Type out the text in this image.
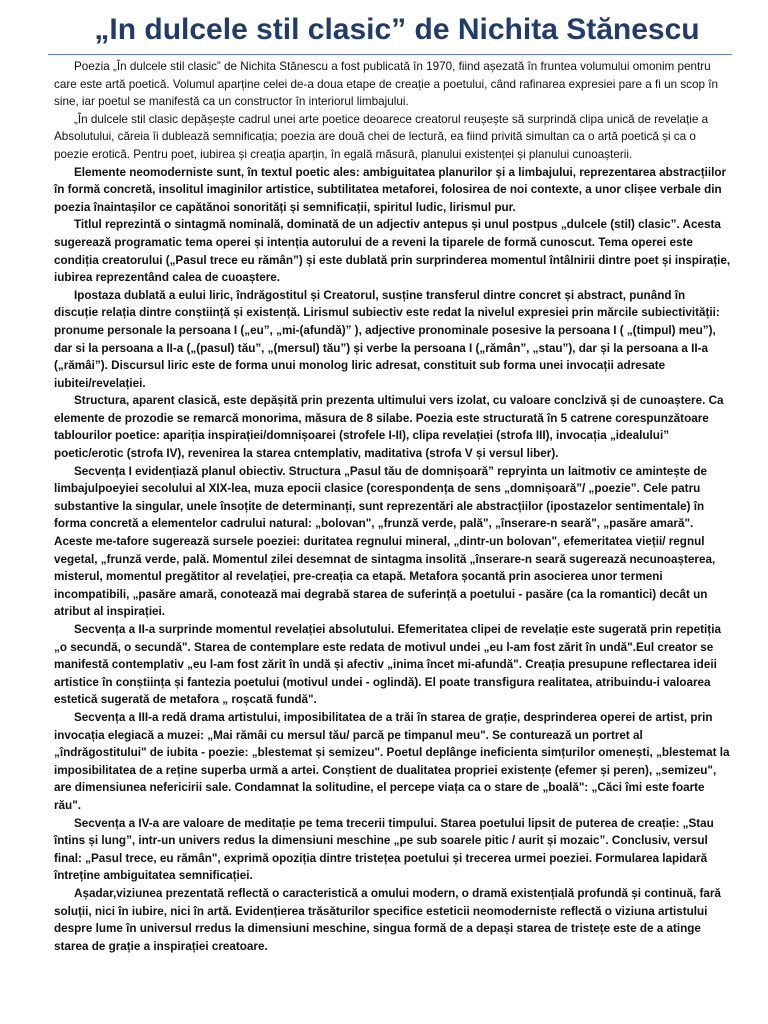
„In dulcele stil clasic” de Nichita Stănescu

Poezia „În dulcele stil clasic” de Nichita Stănescu a fost publicată în 1970, fiind așezată în fruntea volumului omonim pentru care este artă poetică. Volumul aparține celei de-a doua etape de creație a poetului, când rafinarea expresiei pare a fi un scop în sine, iar poetul se manifestă ca un constructor în interiorul limbajului.

„În dulcele stil clasic depășește cadrul unei arte poetice deoarece creatorul reușește să surprindă clipa unică de revelație a Absolutului, căreia îi dublează semnificația; poezia are două chei de lectură, ea fiind privită simultan ca o artă poetică și ca o poezie erotică. Pentru poet, iubirea și creația aparțin, în egală măsură, planului existenței și planului cunoașterii.

Elemente neomoderniste sunt, în textul poetic ales: ambiguitatea planurilor și a limbajului, reprezentarea abstracțiilor în formă concretă, insolitul imaginilor artistice, subtilitatea metaforei, folosirea de noi contexte, a unor clișee verbale din poezia înaintașilor ce capătănoi sonorități și semnificații, spiritul ludic, lirismul pur.

Titlul reprezintă o sintagmă nominală, dominată de un adjectiv antepus și unul postpus „dulcele (stil) clasic”. Acesta sugerează programatic tema operei și intenția autorului de a reveni la tiparele de formă cunoscut. Tema operei este condiția creatorului („Pasul trece eu rămân”) și este dublată prin surprinderea momentul întâlnirii dintre poet și inspirație, iubirea reprezentând calea de cuoaștere.

Ipostaza dublată a eului liric, îndrăgostitul și Creatorul, susține transferul dintre concret și abstract, punând în discuție relația dintre conștiință și existență. Lirismul subiectiv este redat la nivelul expresiei prin mărcile subiectivității: pronume personale la persoana I („eu”, „mi-(afundă)” ), adjective pronominale posesive la persoana I ( „(timpul) meu”), dar si la persoana a II-a („(pasul) tău”, „(mersul) tău”) și verbe la persoana I („rămân”, „stau”), dar și la persoana a II-a („rămâi”). Discursul liric este de forma unui monolog liric adresat, constituit sub forma unei invocații adresate iubitei/revelației.

Structura, aparent clasică, este depășită prin prezenta ultimului vers izolat, cu valoare conclzivă și de cunoaștere. Ca elemente de prozodie se remarcă monorima, măsura de 8 silabe. Poezia este structurată în 5 catrene corespunzătoare tablourilor poetice: apariția inspirației/domnișoarei (strofele I-II), clipa revelației (strofa III), invocația „idealului” poetic/erotic (strofa IV), revenirea la starea cntemplativ, maditativa (strofa V și versul liber).

Secvența I evidențiază planul obiectiv. Structura „Pasul tău de domnișoară” repryinta un laitmotiv ce amintește de limbajulpoeyiei secolului al XIX-lea, muza epocii clasice (corespondența de sens „domnișoară”/ „poezie”. Cele patru substantive la singular, unele însoțite de determinanți, sunt reprezentări ale abstracțiilor (ipostazelor sentimentale) în forma concretă a elementelor cadrului natural: „bolovan", „frunză verde, pală", „înserare-n seară", „pasăre amară". Aceste me-tafore sugerează sursele poeziei: duritatea regnului mineral, „dintr-un bolovan", efemeritatea vieții/ regnul vegetal, „frunză verde, pală. Momentul zilei desemnat de sintagma insolită „înserare-n seară sugerează necunoașterea, misterul, momentul pregătitor al revelației, pre-creația ca etapă. Metafora șocantă prin asocierea unor termeni incompatibili, „pasăre amară, conotează mai degrabă starea de suferință a poetului - pasăre (ca la romantici) decât un atribut al inspirației.

Secvența a II-a surprinde momentul revelației absolutului. Efemeritatea clipei de revelație este sugerată prin repetiția „o secundă, o secundă". Starea de contemplare este redata de motivul undei „eu l-am fost zărit în undă".Eul creator se manifestă contemplativ „eu l-am fost zărit în undă și afectiv „inima încet mi-afundă". Creația presupune reflectarea ideii artistice în conștiința și fantezia poetului (motivul undei - oglindă). El poate transfigura realitatea, atribuindu-i valoarea estetică sugerată de metafora „ roșcată fundă".

Secvența a III-a redă drama artistului, imposibilitatea de a trăi în starea de grație, desprinderea operei de artist, prin invocația elegiacă a muzei: „Mai rămâi cu mersul tău/ parcă pe timpanul meu". Se conturează un portret al „îndrăgostitului" de iubita - poezie: „blestemat și semizeu". Poetul deplânge ineficienta simțurilor omenești, „blestemat la imposibilitatea de a reține superba urmă a artei. Conștient de dualitatea propriei existențe (efemer și peren), „semizeu", are dimensiunea nefericirii sale. Condamnat la solitudine, el percepe viața ca o stare de „boală": „Căci îmi este foarte rău".

Secvența a IV-a are valoare de meditație pe tema trecerii timpului. Starea poetului lipsit de puterea de creație: „Stau întins și lung”, intr-un univers redus la dimensiuni meschine „pe sub soarele pitic / aurit și mozaic”. Conclusiv, versul final: „Pasul trece, eu rămân", exprimă opoziția dintre tristețea poetului și trecerea urmei poeziei. Formularea lapidară întreține ambiguitatea semnificației.

Așadar,viziunea prezentată reflectă o caracteristică a omului modern, o dramă existențială profundă și continuă, fară soluții, nici în iubire, nici în artă. Evidențierea trăsăturilor specifice esteticii neomoderniste reflectă o viziuna artistului despre lume în universul rredus la dimensiuni meschine, singua formă de a depași starea de tristețe este de a atinge starea de grație a inspirației creatoare.
